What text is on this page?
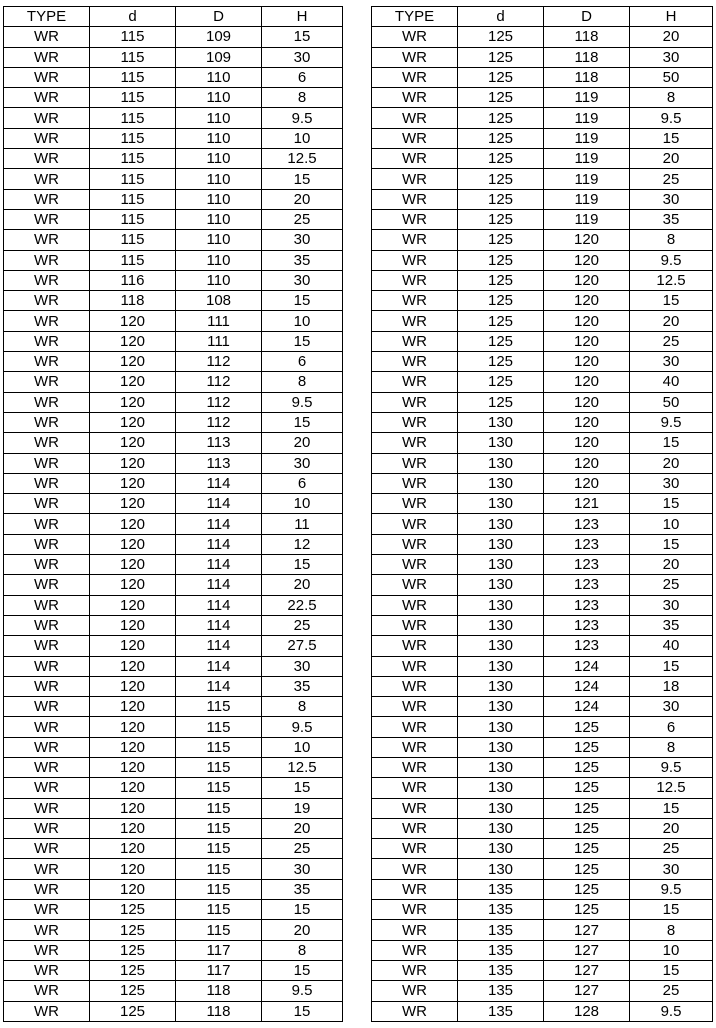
TYPE	d	D	H
WR	115	109	15
WR	115	109	30
WR	115	110	6
WR	115	110	8
WR	115	110	9.5
WR	115	110	10
WR	115	110	12.5
WR	115	110	15
WR	115	110	20
WR	115	110	25
WR	115	110	30
WR	115	110	35
WR	116	110	30
WR	118	108	15
WR	120	111	10
WR	120	111	15
WR	120	112	6
WR	120	112	8
WR	120	112	9.5
WR	120	112	15
WR	120	113	20
WR	120	113	30
WR	120	114	6
WR	120	114	10
WR	120	114	11
WR	120	114	12
WR	120	114	15
WR	120	114	20
WR	120	114	22.5
WR	120	114	25
WR	120	114	27.5
WR	120	114	30
WR	120	114	35
WR	120	115	8
WR	120	115	9.5
WR	120	115	10
WR	120	115	12.5
WR	120	115	15
WR	120	115	19
WR	120	115	20
WR	120	115	25
WR	120	115	30
WR	120	115	35
WR	125	115	15
WR	125	115	20
WR	125	117	8
WR	125	117	15
WR	125	118	9.5
WR	125	118	15
TYPE	d	D	H
WR	125	118	20
WR	125	118	30
WR	125	118	50
WR	125	119	8
WR	125	119	9.5
WR	125	119	15
WR	125	119	20
WR	125	119	25
WR	125	119	30
WR	125	119	35
WR	125	120	8
WR	125	120	9.5
WR	125	120	12.5
WR	125	120	15
WR	125	120	20
WR	125	120	25
WR	125	120	30
WR	125	120	40
WR	125	120	50
WR	130	120	9.5
WR	130	120	15
WR	130	120	20
WR	130	120	30
WR	130	121	15
WR	130	123	10
WR	130	123	15
WR	130	123	20
WR	130	123	25
WR	130	123	30
WR	130	123	35
WR	130	123	40
WR	130	124	15
WR	130	124	18
WR	130	124	30
WR	130	125	6
WR	130	125	8
WR	130	125	9.5
WR	130	125	12.5
WR	130	125	15
WR	130	125	20
WR	130	125	25
WR	130	125	30
WR	135	125	9.5
WR	135	125	15
WR	135	127	8
WR	135	127	10
WR	135	127	15
WR	135	127	25
WR	135	128	9.5
